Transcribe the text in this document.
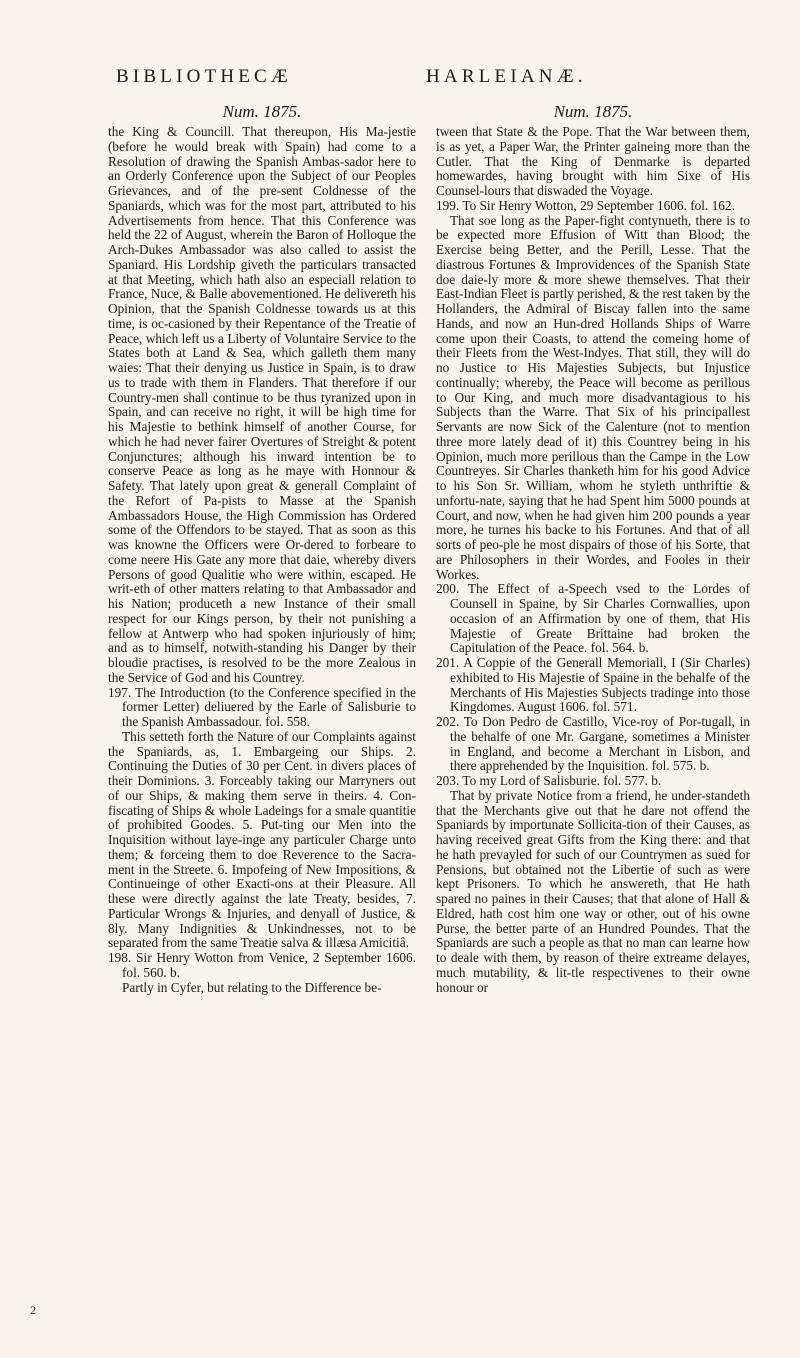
BIBLIOTHECÆ	HARLEIANÆ.
Num. 1875.

the King & Councill. That thereupon, His Ma-jestie (before he would break with Spain) had come to a Resolution of drawing the Spanish Ambas-sador here to an Orderly Conference upon the Subject of our Peoples Grievances, and of the pre-sent Coldnesse of the Spaniards, which was for the most part, attributed to his Advertisements from hence. That this Conference was held the 22 of August, wherein the Baron of Holloque the Arch-Dukes Ambassador was also called to assist the Spaniard. His Lordship giveth the particulars transacted at that Meeting, which hath also an especiall relation to France, Nuce, & Balle abovementioned. He delivereth his Opinion, that the Spanish Coldnesse towards us at this time, is oc-casioned by their Repentance of the Treatie of Peace, which left us a Liberty of Voluntaire Service to the States both at Land & Sea, which galleth them many waies: That their denying us Justice in Spain, is to draw us to trade with them in Flanders. That therefore if our Country-men shall continue to be thus tyranized upon in Spain, and can receive no right, it will be high time for his Majestie to bethink himself of another Course, for which he had never fairer Overtures of Streight & potent Conjunctures; although his inward intention be to conserve Peace as long as he maye with Honnour & Safety. That lately upon great & generall Complaint of the Refort of Pa-pists to Masse at the Spanish Ambassadors House, the High Commission has Ordered some of the Offendors to be stayed. That as soon as this was knowne the Officers were Or-dered to forbeare to come neere His Gate any more that daie, whereby divers Persons of good Qualitie who were within, escaped. He writ-eth of other matters relating to that Ambassador and his Nation; produceth a new Instance of their small respect for our Kings person, by their not punishing a fellow at Antwerp who had spoken injuriously of him; and as to himself, notwith-standing his Danger by their bloudie practises, is resolved to be the more Zealous in the Service of God and his Countrey.

197. The Introduction (to the Conference specified in the former Letter) deliuered by the Earle of Salisburie to the Spanish Ambassadour. fol. 558.

This setteth forth the Nature of our Complaints against the Spaniards, as, 1. Embargeing our Ships. 2. Continuing the Duties of 30 per Cent. in divers places of their Dominions. 3. Forceably taking our Marryners out of our Ships, & making them serve in theirs. 4. Con-fiscating of Ships & whole Ladeings for a smale quantitie of prohibited Goodes. 5. Put-ting our Men into the Inquisition without laye-inge any particuler Charge unto them; & forceing them to doe Reverence to the Sacra-ment in the Streete. 6. Impofeing of New Impositions, & Continueinge of other Exacti-ons at their Pleasure. All these were directly against the late Treaty, besides, 7. Particular Wrongs & Injuries, and denyall of Justice, & 8ly. Many Indignities & Unkindnesses, not to be separated from the same Treatie salva & illæsa Amicitiâ.

198. Sir Henry Wotton from Venice, 2 September 1606. fol. 560. b.

Partly in Cyfer, but relating to the Difference be-

Num. 1875.

tween that State & the Pope. That the War between them, is as yet, a Paper War, the Printer gaineing more than the Cutler. That the King of Denmarke is departed homewardes, having brought with him Sixe of His Counsel-lours that diswaded the Voyage.

199. To Sir Henry Wotton, 29 September 1606. fol. 162.

That soe long as the Paper-fight contynueth, there is to be expected more Effusion of Witt than Blood; the Exercise being Better, and the Perill, Lesse. That the diastrous Fortunes & Improvidences of the Spanish State doe daie-ly more & more shewe themselves. That their East-Indian Fleet is partly perished, & the rest taken by the Hollanders, the Admiral of Biscay fallen into the same Hands, and now an Hun-dred Hollands Ships of Warre come upon their Coasts, to attend the comeing home of their Fleets from the West-Indyes. That still, they will do no Justice to His Majesties Subjects, but Injustice continually; whereby, the Peace will become as perillous to Our King, and much more disadvantagious to his Subjects than the Warre. That Six of his principallest Servants are now Sick of the Calenture (not to mention three more lately dead of it) this Countrey being in his Opinion, much more perillous than the Campe in the Low Countreyes. Sir Charles thanketh him for his good Advice to his Son Sr. William, whom he styleth unthriftie & unfortu-nate, saying that he had Spent him 5000 pounds at Court, and now, when he had given him 200 pounds a year more, he turnes his backe to his Fortunes. And that of all sorts of peo-ple he most dispairs of those of his Sorte, that are Philosophers in their Wordes, and Fooles in their Workes.

200. The Effect of a-Speech vsed to the Lordes of Counsell in Spaine, by Sir Charles Cornwallies, upon occasion of an Affirmation by one of them, that His Majestie of Greate Brittaine had broken the Capitulation of the Peace. fol. 564. b.
201. A Coppie of the Generall Memoriall, I (Sir Charles) exhibited to His Majestie of Spaine in the behalfe of the Merchants of His Majesties Subjects tradinge into those Kingdomes. August 1606. fol. 571.
202. To Don Pedro de Castillo, Vice-roy of Por-tugall, in the behalfe of one Mr. Gargane, sometimes a Minister in England, and become a Merchant in Lisbon, and there apprehended by the Inquisition. fol. 575. b.
203. To my Lord of Salisburie. fol. 577. b.

That by private Notice from a friend, he under-standeth that the Merchants give out that he dare not offend the Spaniards by importunate Sollicita-tion of their Causes, as having received great Gifts from the King there: and that he hath prevayled for such of our Countrymen as sued for Pensions, but obtained not the Libertie of such as were kept Prisoners. To which he answereth, that He hath spared no paines in their Causes; that that alone of Hall & Eldred, hath cost him one way or other, out of his owne Purse, the better parte of an Hundred Poundes. That the Spaniards are such a people as that no man can learne how to deale with them, by reason of theire extreame delayes, much mutability, & lit-tle respectivenes to their owne honour or

2
